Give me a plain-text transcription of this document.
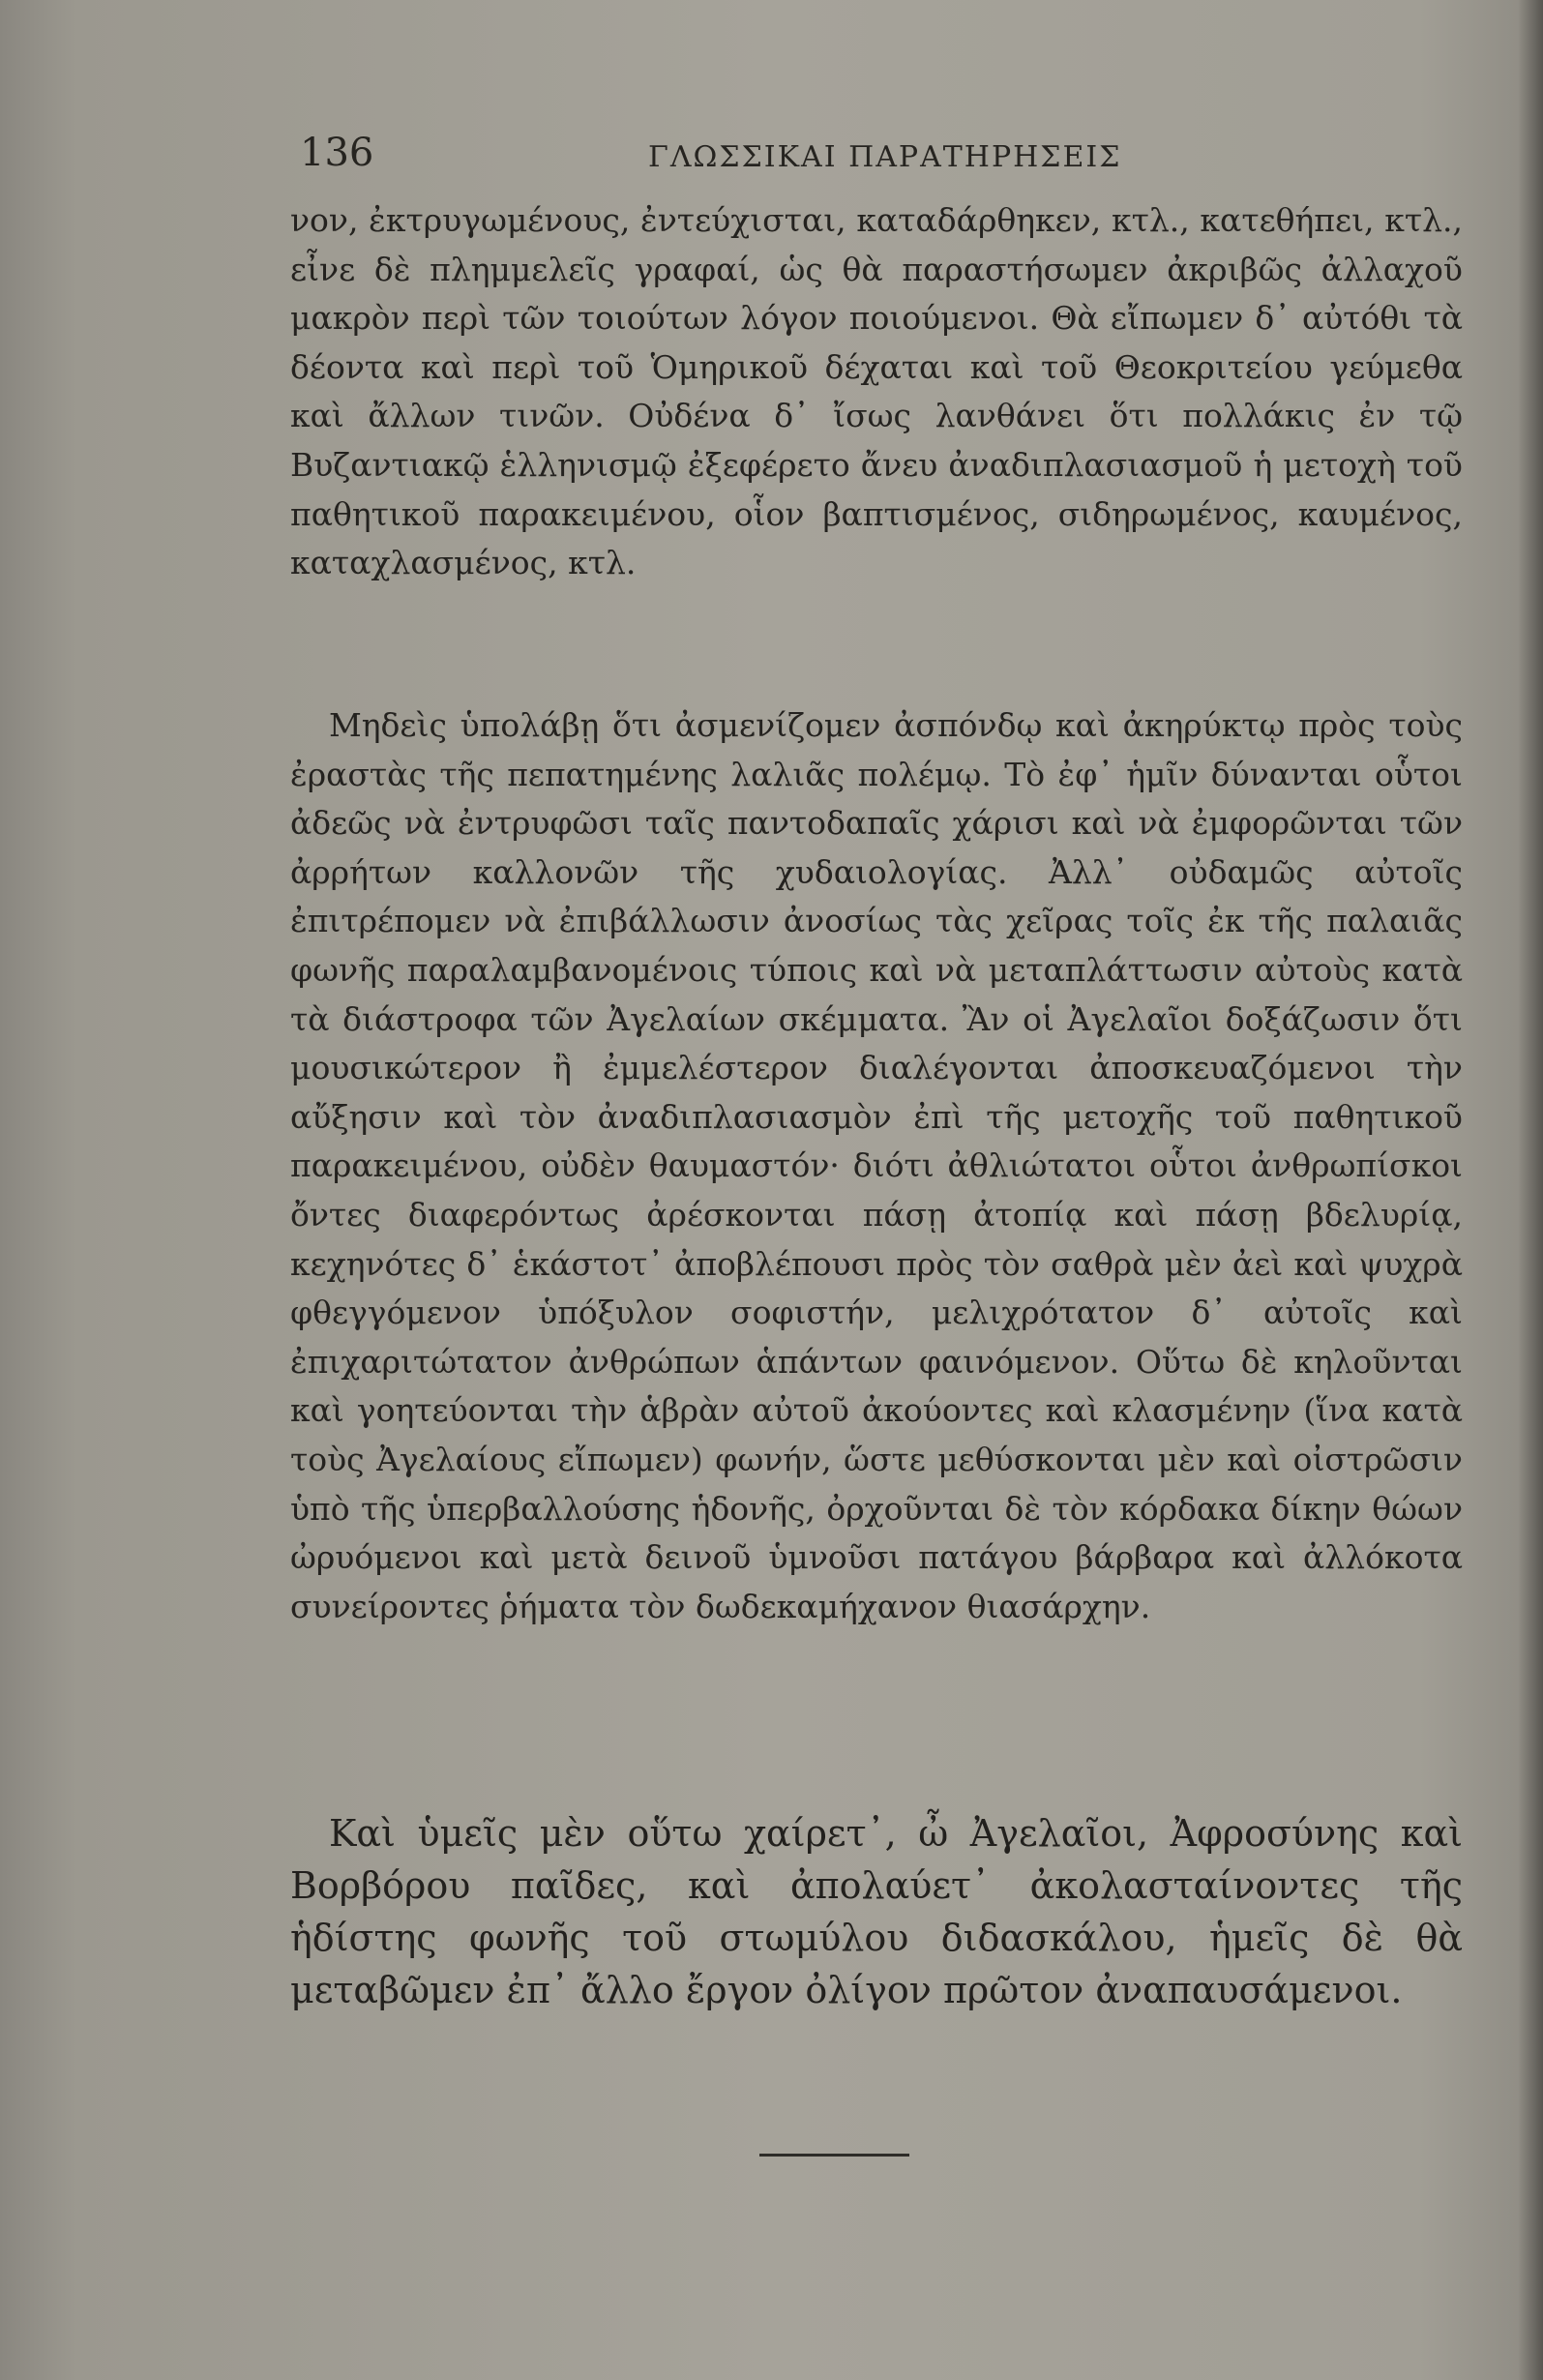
136	ΓΛΩΣΣΙΚΑΙ ΠΑΡΑΤΗΡΗΣΕΙΣ

νον, ἐκτρυγωμένους, ἐντεύχισται, καταδάρθηκεν, κτλ., κατεθήπει, κτλ., εἶνε δὲ πλημμελεῖς γραφαί, ὡς θὰ παραστήσωμεν ἀκριβῶς ἀλλαχοῦ μακρὸν περὶ τῶν τοιούτων λόγον ποιούμενοι. Θὰ εἴπωμεν δ᾿ αὐτόθι τὰ δέοντα καὶ περὶ τοῦ Ὁμηρικοῦ δέχαται καὶ τοῦ Θεοκριτείου γεύμεθα καὶ ἄλλων τινῶν. Οὐδένα δ᾿ ἴσως λανθάνει ὅτι πολλάκις ἐν τῷ Βυζαντιακῷ ἑλληνισμῷ ἐξεφέρετο ἄνευ ἀναδιπλασιασμοῦ ἡ μετοχὴ τοῦ παθητικοῦ παρακειμένου, οἷον βαπτισμένος, σιδηρωμένος, καυμένος, καταχλασμένος, κτλ.

Μηδεὶς ὑπολάβῃ ὅτι ἀσμενίζομεν ἀσπόνδῳ καὶ ἀκηρύκτῳ πρὸς τοὺς ἐραστὰς τῆς πεπατημένης λαλιᾶς πολέμῳ. Τὸ ἐφ᾿ ἡμῖν δύνανται οὗτοι ἀδεῶς νὰ ἐντρυφῶσι ταῖς παντοδαπαῖς χάρισι καὶ νὰ ἐμφορῶνται τῶν ἀρρήτων καλλονῶν τῆς χυδαιολογίας. Ἀλλ᾿ οὐδαμῶς αὐτοῖς ἐπιτρέπομεν νὰ ἐπιβάλλωσιν ἀνοσίως τὰς χεῖρας τοῖς ἐκ τῆς παλαιᾶς φωνῆς παραλαμβανομένοις τύποις καὶ νὰ μεταπλάττωσιν αὐτοὺς κατὰ τὰ διάστροφα τῶν Ἀγελαίων σκέμματα. Ἂν οἱ Ἀγελαῖοι δοξάζωσιν ὅτι μουσικώτερον ἢ ἐμμελέστερον διαλέγονται ἀποσκευαζόμενοι τὴν αὔξησιν καὶ τὸν ἀναδιπλασιασμὸν ἐπὶ τῆς μετοχῆς τοῦ παθητικοῦ παρακειμένου, οὐδὲν θαυμαστόν· διότι ἀθλιώτατοι οὗτοι ἀνθρωπίσκοι ὄντες διαφερόντως ἀρέσκονται πάσῃ ἀτοπίᾳ καὶ πάσῃ βδελυρίᾳ, κεχηνότες δ᾿ ἑκάστοτ᾿ ἀποβλέπουσι πρὸς τὸν σαθρὰ μὲν ἀεὶ καὶ ψυχρὰ φθεγγόμενον ὑπόξυλον σοφιστήν, μελιχρότατον δ᾿ αὐτοῖς καὶ ἐπιχαριτώτατον ἀνθρώπων ἁπάντων φαινόμενον. Οὕτω δὲ κηλοῦνται καὶ γοητεύονται τὴν ἁβρὰν αὐτοῦ ἀκούοντες καὶ κλασμένην (ἵνα κατὰ τοὺς Ἀγελαίους εἴπωμεν) φωνήν, ὥστε μεθύσκονται μὲν καὶ οἰστρῶσιν ὑπὸ τῆς ὑπερβαλλούσης ἡδονῆς, ὀρχοῦνται δὲ τὸν κόρδακα δίκην θώων ὠρυόμενοι καὶ μετὰ δεινοῦ ὑμνοῦσι πατάγου βάρβαρα καὶ ἀλλόκοτα συνείροντες ῥήματα τὸν δωδεκαμήχανον θιασάρχην.

Καὶ ὑμεῖς μὲν οὕτω χαίρετ᾿, ὦ Ἀγελαῖοι, Ἀφροσύνης καὶ Βορβόρου παῖδες, καὶ ἀπολαύετ᾿ ἀκολασταίνοντες τῆς ἡδίστης φωνῆς τοῦ στωμύλου διδασκάλου, ἡμεῖς δὲ θὰ μεταβῶμεν ἐπ᾿ ἄλλο ἔργον ὀλίγον πρῶτον ἀναπαυσάμενοι.
